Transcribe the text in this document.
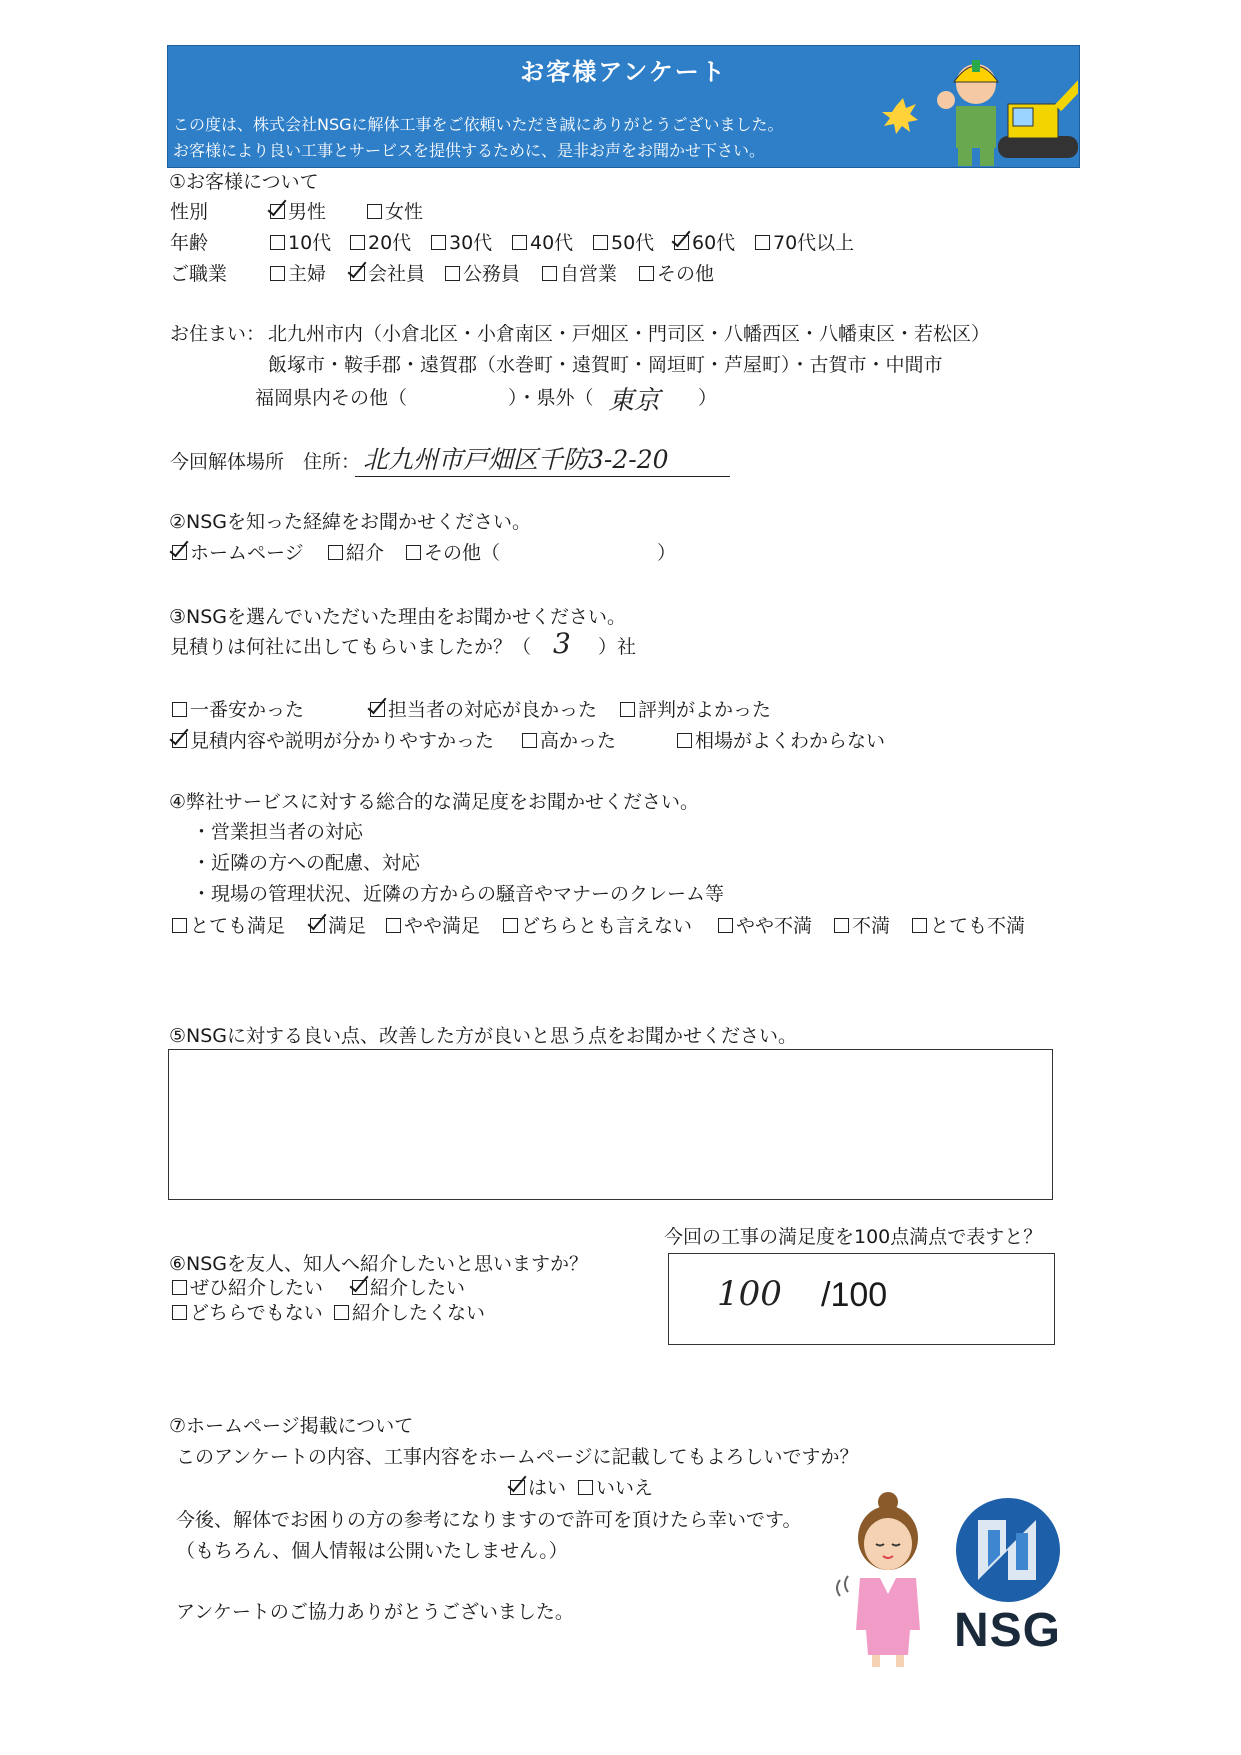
お客様アンケート
この度は、株式会社NSGに解体工事をご依頼いただき誠にありがとうございました。
お客様により良い工事とサービスを提供するために、是非お声をお聞かせ下さい。
①お客様について
性別	男性	女性
年齢	10代	20代	30代	40代	50代	60代	70代以上
ご職業	主婦	会社員	公務員	自営業	その他
お住まい： 北九州市内（小倉北区・小倉南区・戸畑区・門司区・八幡西区・八幡東区・若松区）
飯塚市・鞍手郡・遠賀郡（水巻町・遠賀町・岡垣町・芦屋町）・古賀市・中間市
福岡県内その他（	）・県外（ 東京 ）
今回解体場所　住所： 北九州市戸畑区千防3-2-20
②NSGを知った経緯をお聞かせください。
ホームページ	紹介	その他（	）
③NSGを選んでいただいた理由をお聞かせください。
見積りは何社に出してもらいましたか？（ 3 ）社
一番安かった	担当者の対応が良かった	評判がよかった
見積内容や説明が分かりやすかった	高かった	相場がよくわからない
④弊社サービスに対する総合的な満足度をお聞かせください。
・営業担当者の対応
・近隣の方への配慮、対応
・現場の管理状況、近隣の方からの騒音やマナーのクレーム等
とても満足	満足	やや満足	どちらとも言えない	やや不満	不満	とても不満
⑤NSGに対する良い点、改善した方が良いと思う点をお聞かせください。
今回の工事の満足度を100点満点で表すと？
⑥NSGを友人、知人へ紹介したいと思いますか？
ぜひ紹介したい	紹介したい
どちらでもない	紹介したくない	100 /100
⑦ホームページ掲載について
このアンケートの内容、工事内容をホームページに記載してもよろしいですか？
はい	いいえ
今後、解体でお困りの方の参考になりますので許可を頂けたら幸いです。
（もちろん、個人情報は公開いたしません。）
アンケートのご協力ありがとうございました。	NSG
